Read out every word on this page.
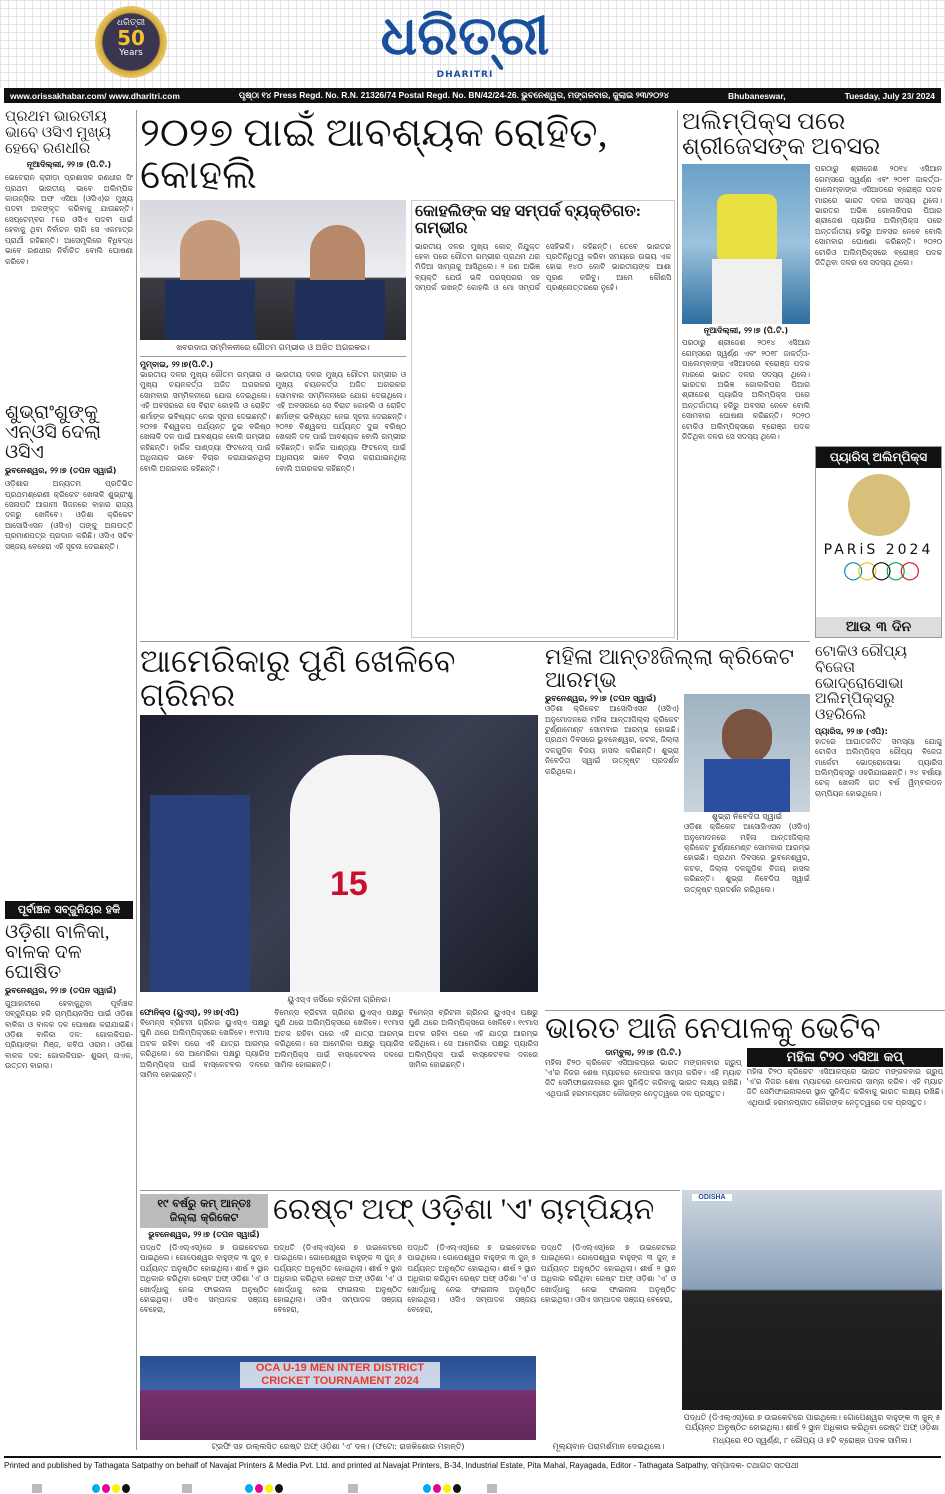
ଧରିତ୍ରୀ
50
Years	ଧରିତ୍ରୀ
DHARITRI
www.orissakhabar.com/ www.dharitri.com	ପୃଷ୍ଠା ୧୪ Press Regd. No. R.N. 21326/74 Postal Regd. No. BN/42/24-26. ଭୁବନେଶ୍ୱର, ମଙ୍ଗଳବାର, ଜୁଲାଇ ୨୩/୨୦୨୪	Bhubaneswar,	Tuesday, July 23/ 2024
ପ୍ରଥମ ଭାରତୀୟ ଭାବେ ଓସିଏ ମୁଖ୍ୟ ହେବେ ରଣଧୀର
ନୂଆଦିଲ୍ଲୀ, ୨୨।୭ (ପି.ଟି.)
ଭେଟେରାନ କ୍ରୀଡ଼ା ପ୍ରଶାସକ ରଣଧୀର ସିଂ ପ୍ରଥମ ଭାରତୀୟ ଭାବେ ଅଲିମ୍ପିକ କାଉନ୍ସିଲ ଅଫ ଏସିଆ (ଓସିଏ)ର ମୁଖ୍ୟ ପଦବୀ ଅଳଙ୍କୃତ କରିବାକୁ ଯାଉଛନ୍ତି। ସେପ୍ଟେମ୍ବର ୮ରେ ଓସିଏ ପଦବୀ ପାଇଁ ହେବାକୁ ଥିବା ନିର୍ବାଚନ ଲାଗି ସେ ଏକମାତ୍ର ପ୍ରାର୍ଥୀ ରହିଛନ୍ତି। ଆସେମ୍ବ୍ଲିରେ ବିଧିବଦ୍ଧ ଭାବେ ରଣଧୀର ନିର୍ବାଚିତ ବୋଲି ଘୋଷଣା କରିବେ।
ଶୁଭ୍ରାଂଶୁଙ୍କୁ ଏନ୍‌ଓସି ଦେଲା ଓସିଏ
ଭୁବନେଶ୍ୱର, ୨୨।୭ (ତପନ ସ୍ୱାଇଁ)
ଓଡ଼ିଶାର ଅନ୍ୟତମ ପ୍ରତିଭିତ ପ୍ରଥମଶ୍ରେଣୀ କ୍ରିକେଟ ଖେଳାଳି ଶୁଭ୍ରାଂଶୁ ସେନାପତି ଆଗାମୀ ସିଜନରେ ବାହାର ରାଜ୍ୟ ଦଳରୁ ଖେଳିବେ। ଓଡ଼ିଶା କ୍ରିକେଟ ଆସୋସିଏସନ (ଓସିଏ) ତାଙ୍କୁ ଅନାପତ୍ତି ପ୍ରମାଣପତ୍ର ପ୍ରଦାନ କରିଛି। ଓସିଏ ସଚିବ ସଞ୍ଜୟ ବେହେରା ଏହି ସୂଚନା ଦେଇଛନ୍ତି।
ପୂର୍ବାଞ୍ଚଳ ସବ୍‌ଜୁନିୟର ହକି
ଓଡ଼ିଶା ବାଳିକା, ବାଳକ ଦଳ ଘୋଷିତ
ଭୁବନେଶ୍ୱର, ୨୨।୭ (ତପନ ସ୍ୱାଇଁ)
ଗୁଆହାଟୀରେ ହେବାକୁଥିବା ପୂର୍ବାଞ୍ଚଳ ସବ୍‌ଜୁନିୟର ହକି ଚାମ୍ପିୟନସିପ ପାଇଁ ଓଡ଼ିଶା ବାଳିକା ଓ ବାଳକ ଦଳ ଘୋଷଣା କରାଯାଇଛି। ଓଡ଼ିଶା ବାଳିକା ଦଳ: ଗୋଲକିପର- ପ୍ରିୟାଙ୍କା ମିଞ୍ଜ, କବିତା ଓରାମ। ଓଡ଼ିଶା ବାଳକ ଦଳ: ଗୋଲକିପର- ଶୁଭମ୍ ନାଏକ, ଉତ୍ତମ ବାରଲା।
୨୦୨୭ ପାଇଁ ଆବଶ୍ୟକ ରୋହିତ, କୋହଲି
ଖବରଦାତା ସମ୍ମିଳନୀରେ ଗୌତମ ଗମ୍ଭୀର ଓ ଅଜିତ ଅଗରକର।
ମୁମ୍ବାଇ, ୨୨।୭(ପି.ଟି.)
ଭାରତୀୟ ଦଳର ମୁଖ୍ୟ ଗୌତମ ଗମ୍ଭୀର ଓ ମୁଖ୍ୟ ଚୟନକର୍ତ୍ତା ଅଜିତ ଅଗରକର ସୋମବାର ସମ୍ମିଳନୀରେ ଯୋଗ ଦେଇଥିଲେ। ଏହି ଅବସରରେ ସେ ବିରାଟ କୋହଲି ଓ ରୋହିତ ଶର୍ମାଙ୍କ ଭବିଷ୍ୟତ ନେଇ ସୂଚନା ଦେଇଛନ୍ତି। ୨୦୨୭ ବିଶ୍ୱକପ ପର୍ଯ୍ୟନ୍ତ ଦୁଇ ବରିଷ୍ଠ ଖେଳାଳି ଦଳ ପାଇଁ ଆବଶ୍ୟକ ବୋଲି ଗମ୍ଭୀର କହିଛନ୍ତି। ହାର୍ଦ୍ଦିକ ପାଣ୍ଡ୍ୟା ଫିଟନେସ୍ ପାଇଁ ଅଧିନାୟକ ଭାବେ ବିଚାର କରାଯାଇନଥିଲା ବୋଲି ଅଗରକର କହିଛନ୍ତି।
ଭାରତୀୟ ଦଳର ମୁଖ୍ୟ ଗୌତମ ଗମ୍ଭୀର ଓ ମୁଖ୍ୟ ଚୟନକର୍ତ୍ତା ଅଜିତ ଅଗରକର ସୋମବାର ସମ୍ମିଳନୀରେ ଯୋଗ ଦେଇଥିଲେ। ଏହି ଅବସରରେ ସେ ବିରାଟ କୋହଲି ଓ ରୋହିତ ଶର୍ମାଙ୍କ ଭବିଷ୍ୟତ ନେଇ ସୂଚନା ଦେଇଛନ୍ତି। ୨୦୨୭ ବିଶ୍ୱକପ ପର୍ଯ୍ୟନ୍ତ ଦୁଇ ବରିଷ୍ଠ ଖେଳାଳି ଦଳ ପାଇଁ ଆବଶ୍ୟକ ବୋଲି ଗମ୍ଭୀର କହିଛନ୍ତି। ହାର୍ଦ୍ଦିକ ପାଣ୍ଡ୍ୟା ଫିଟନେସ୍ ପାଇଁ ଅଧିନାୟକ ଭାବେ ବିଚାର କରାଯାଇନଥିଲା ବୋଲି ଅଗରକର କହିଛନ୍ତି।
କୋହଲିଙ୍କ ସହ ସମ୍ପର୍କ ବ୍ୟକ୍ତିଗତ: ଗମ୍ଭୀର
ଭାରତୀୟ ଦଳର ମୁଖ୍ୟ କୋଚ୍ ନିଯୁକ୍ତ ହେବା ପରେ ଗୌତମ ଗମ୍ଭୀର ପ୍ରଥମ ଥର ମିଡିଆ ସାମ୍ନାକୁ ଆସିଥିଲେ। ୨ ଜଣ ଅଭିଜ୍ଞ ବ୍ୟକ୍ତି ଯେଉଁ ଭଳି ପରସ୍ପରର ସହ ସମ୍ପର୍କ ରଖନ୍ତି କୋହଲି ଓ ମୋ ସମ୍ପର୍କ ସେହିଭଳି। କହିଛନ୍ତି। ତେବେ ଭାରତର ପ୍ରତିନିଧିତ୍ୱ କରିବା ସମୟରେ ଉଭୟ ଏକ ହୋଇ ୧୪୦ କୋଟି ଭାରତୀୟଙ୍କ ଆଶା ପୂରଣ କରିବୁ। ଆମେ କୌଣସି ପ୍ରଶ୍ନୋତ୍ତରରେ ନୁହେଁ।
ଅଲିମ୍ପିକ୍ସ ପରେ ଶ୍ରୀଜେସଙ୍କ ଅବସର
ନୂଆଦିଲ୍ଲୀ, ୨୨।୭ (ପି.ଟି.)
ପରଠାରୁ ଶ୍ରୀଜେଶ ୨୦୧୪ ଏସିଆନ ଗେମ୍ସରେ ସ୍ୱର୍ଣ୍ଣ ଏବଂ ୨୦୧୮ ଜାକର୍ତ୍ତା-ପାଲେମ୍ବାଙ୍ଗ ଏସିଆଡରେ ବ୍ରୋଞ୍ଜ ପଦକ ମାରରେ ଭାରତ ଦଳର ସଦସ୍ୟ ଥିଲେ। ଭାରତର ଅଭିଜ୍ଞ ଗୋଲକିପର ପିଆର ଶ୍ରୀଜେଶ ପ୍ୟାରିସ ଅଲିମ୍ପିକ୍ସ ପରେ ଅନ୍ତର୍ଜାତୀୟ ହକିରୁ ଅବସର ନେବେ ବୋଲି ସୋମବାର ଘୋଷଣା କରିଛନ୍ତି। ୨୦୨୦ ଟୋକିଓ ଅଲିମ୍ପିକ୍ସରେ ବ୍ରୋଞ୍ଜ ପଦକ ଜିତିଥିବା ଦଳର ସେ ସଦସ୍ୟ ଥିଲେ।
ପରଠାରୁ ଶ୍ରୀଜେଶ ୨୦୧୪ ଏସିଆନ ଗେମ୍ସରେ ସ୍ୱର୍ଣ୍ଣ ଏବଂ ୨୦୧୮ ଜାକର୍ତ୍ତା-ପାଲେମ୍ବାଙ୍ଗ ଏସିଆଡରେ ବ୍ରୋଞ୍ଜ ପଦକ ମାରରେ ଭାରତ ଦଳର ସଦସ୍ୟ ଥିଲେ। ଭାରତର ଅଭିଜ୍ଞ ଗୋଲକିପର ପିଆର ଶ୍ରୀଜେଶ ପ୍ୟାରିସ ଅଲିମ୍ପିକ୍ସ ପରେ ଅନ୍ତର୍ଜାତୀୟ ହକିରୁ ଅବସର ନେବେ ବୋଲି ସୋମବାର ଘୋଷଣା କରିଛନ୍ତି। ୨୦୨୦ ଟୋକିଓ ଅଲିମ୍ପିକ୍ସରେ ବ୍ରୋଞ୍ଜ ପଦକ ଜିତିଥିବା ଦଳର ସେ ସଦସ୍ୟ ଥିଲେ।
ପ୍ୟାରିସ୍ ଅଲିମ୍ପିକ୍ସ
PARiS 2024
◯◯◯◯◯
ଆଉ ୩ ଦିନ
ଟୋକିଓ ରୌପ୍ୟ ବିଜେତା ଭୋଦ୍ରୋସୋଭା ଅଲିମ୍ପିକ୍ସରୁ ଓହରିଲେ
ପ୍ୟାରିସ, ୨୨।୭ (ଏପି):
ହାତରେ ଆଘାତଜନିତ ସମସ୍ୟା ଯୋଗୁ ଟୋକିଓ ଅଲିମ୍ପିକ୍ସ ରୌପ୍ୟ ବିଜେତା ମାର୍କେଟା ଭୋଦ୍ରୋସୋଭା ପ୍ୟାରିସ ଅଲିମ୍ପିକ୍ସରୁ ଓହରିଯାଇଛନ୍ତି। ୨୪ ବର୍ଷୀୟା ଚେକ୍ ଖେଳାଳି ଗତ ବର୍ଷ ୱିମ୍ବଲଡନ ଚାମ୍ପିୟନ ହୋଇଥିଲେ।
ଆମେରିକାରୁ ପୁଣି ଖେଳିବେ ଗ୍ରିନର
15
ୟୁଏସ୍‌ଏ ଜର୍ସିରେ ବ୍ରିଟନୀ ଗ୍ରିନର।
ଫୋନିକ୍ସ (ୟୁଏସ୍), ୨୨।୭(ଏପି)
ବିମେନ୍ସ ବ୍ରିଟନୀ ଗ୍ରିନର ୟୁଏସ୍‌ଏ ପକ୍ଷରୁ ପୁଣି ଥରେ ଅଲିମ୍ପିକ୍ସରେ ଖେଳିବେ। ୧୯ମାସ ଅଟକ ରହିବା ପରେ ଏହି ଯାତ୍ରା ଆରମ୍ଭ କରିଥିଲେ। ସେ ଆମେରିକା ପକ୍ଷରୁ ପ୍ୟାରିସ ଅଲିମ୍ପିକ୍ସ ପାଇଁ ବାସ୍କେଟବଲ ଦଳରେ ସାମିଲ ହୋଇଛନ୍ତି।
ବିମେନ୍ସ ବ୍ରିଟନୀ ଗ୍ରିନର ୟୁଏସ୍‌ଏ ପକ୍ଷରୁ ପୁଣି ଥରେ ଅଲିମ୍ପିକ୍ସରେ ଖେଳିବେ। ୧୯ମାସ ଅଟକ ରହିବା ପରେ ଏହି ଯାତ୍ରା ଆରମ୍ଭ କରିଥିଲେ। ସେ ଆମେରିକା ପକ୍ଷରୁ ପ୍ୟାରିସ ଅଲିମ୍ପିକ୍ସ ପାଇଁ ବାସ୍କେଟବଲ ଦଳରେ ସାମିଲ ହୋଇଛନ୍ତି।
ବିମେନ୍ସ ବ୍ରିଟନୀ ଗ୍ରିନର ୟୁଏସ୍‌ଏ ପକ୍ଷରୁ ପୁଣି ଥରେ ଅଲିମ୍ପିକ୍ସରେ ଖେଳିବେ। ୧୯ମାସ ଅଟକ ରହିବା ପରେ ଏହି ଯାତ୍ରା ଆରମ୍ଭ କରିଥିଲେ। ସେ ଆମେରିକା ପକ୍ଷରୁ ପ୍ୟାରିସ ଅଲିମ୍ପିକ୍ସ ପାଇଁ ବାସ୍କେଟବଲ ଦଳରେ ସାମିଲ ହୋଇଛନ୍ତି।
ମହିଳା ଆନ୍ତଃଜିଲ୍ଲା କ୍ରିକେଟ ଆରମ୍ଭ
ଭୁବନେଶ୍ୱର, ୨୨।୭ (ତପନ ସ୍ୱାଇଁ)
ଓଡ଼ିଶା କ୍ରିକେଟ ଆସୋସିଏସନ (ଓସିଏ) ଅନୁମୋଦନରେ ମହିଳା ଆନ୍ତଃଜିଲ୍ଲା କ୍ରିକେଟ ଟୁର୍ଣ୍ଣାମେଣ୍ଟ ସୋମବାର ଆରମ୍ଭ ହୋଇଛି। ପ୍ରଥମ ଦିବସରେ ଭୁବନେଶ୍ୱର, କଟକ, ଜିଲ୍ଲା ଦଳଗୁଡ଼ିକ ବିଜୟ ହାସଲ କରିଛନ୍ତି। ଶୁଭ୍ରା ନିବେଦିତା ସ୍ୱାଇଁ ଉତ୍କୃଷ୍ଟ ପ୍ରଦର୍ଶନ କରିଥିଲେ।
ଶୁଭ୍ରା ନିବେଦିତା ସ୍ୱାଇଁ
ଓଡ଼ିଶା କ୍ରିକେଟ ଆସୋସିଏସନ (ଓସିଏ) ଅନୁମୋଦନରେ ମହିଳା ଆନ୍ତଃଜିଲ୍ଲା କ୍ରିକେଟ ଟୁର୍ଣ୍ଣାମେଣ୍ଟ ସୋମବାର ଆରମ୍ଭ ହୋଇଛି। ପ୍ରଥମ ଦିବସରେ ଭୁବନେଶ୍ୱର, କଟକ, ଜିଲ୍ଲା ଦଳଗୁଡ଼ିକ ବିଜୟ ହାସଲ କରିଛନ୍ତି। ଶୁଭ୍ରା ନିବେଦିତା ସ୍ୱାଇଁ ଉତ୍କୃଷ୍ଟ ପ୍ରଦର୍ଶନ କରିଥିଲେ।
ଭାରତ ଆଜି ନେପାଳକୁ ଭେଟିବ
ଡାମ୍ବୁଲା, ୨୨।୭ (ପି.ଟି.)
ମହିଳା ଟି୨୦ କ୍ରିକେଟ ଏସିଆକପ୍‌ରେ ଭାରତ ମଙ୍ଗଳବାର ଗ୍ରୁପ୍ 'ଏ'ର ନିଜର ଶେଷ ମ୍ୟାଚରେ ନେପାଳର ସାମ୍ନା କରିବ। ଏହି ମ୍ୟାଚ ଜିତି ସେମିଫାଇନାଲରେ ସ୍ଥାନ ସୁନିଶ୍ଚିତ କରିବାକୁ ଭାରତ ଲକ୍ଷ୍ୟ ରଖିଛି। ଏଥିପାଇଁ ହରମନପ୍ରୀତ କୌରଙ୍କ ନେତୃତ୍ୱରେ ଦଳ ପ୍ରସ୍ତୁତ।
ମହିଳା ଟି୨୦ ଏସିଆ କପ୍
ମହିଳା ଟି୨୦ କ୍ରିକେଟ ଏସିଆକପ୍‌ରେ ଭାରତ ମଙ୍ଗଳବାର ଗ୍ରୁପ୍ 'ଏ'ର ନିଜର ଶେଷ ମ୍ୟାଚରେ ନେପାଳର ସାମ୍ନା କରିବ। ଏହି ମ୍ୟାଚ ଜିତି ସେମିଫାଇନାଲରେ ସ୍ଥାନ ସୁନିଶ୍ଚିତ କରିବାକୁ ଭାରତ ଲକ୍ଷ୍ୟ ରଖିଛି। ଏଥିପାଇଁ ହରମନପ୍ରୀତ କୌରଙ୍କ ନେତୃତ୍ୱରେ ଦଳ ପ୍ରସ୍ତୁତ।
୧୯ ବର୍ଷରୁ କମ୍ ଆନ୍ତଃ ଜିଲ୍ଲା କ୍ରିକେଟ
ଭୁବନେଶ୍ୱର, ୨୨।୭ (ତପନ ସ୍ୱାଇଁ)
ରେଷ୍ଟ ଅଫ୍ ଓଡ଼ିଶା 'ଏ' ଚାମ୍ପିୟନ
ପଦ୍ଧତି (ଡିଏଲ୍‌ଏସ୍)ରେ ୭ ଉଇକେଟରେ ପାଇଥିଲେ। ଗୋପେଶ୍ୱର ବାହୁଙ୍କ ୩ ଜୁନ୍ ୫ ପର୍ଯ୍ୟନ୍ତ ଅନୁଷ୍ଠିତ ହୋଇଥିଲା। ଶୀର୍ଷ ୨ ସ୍ଥାନ ଅଧିକାର କରିଥିବା ରେଷ୍ଟ ଅଫ୍ ଓଡ଼ିଶା 'ଏ' ଓ ଖୋର୍ଦ୍ଧାକୁ ନେଇ ଫାଇନାଲ ଅନୁଷ୍ଠିତ ହୋଇଥିଲା। ଓସିଏ ସମ୍ପାଦକ ସଞ୍ଜୟ ବେହେରା,
ପଦ୍ଧତି (ଡିଏଲ୍‌ଏସ୍)ରେ ୭ ଉଇକେଟରେ ପାଇଥିଲେ। ଗୋପେଶ୍ୱର ବାହୁଙ୍କ ୩ ଜୁନ୍ ୫ ପର୍ଯ୍ୟନ୍ତ ଅନୁଷ୍ଠିତ ହୋଇଥିଲା। ଶୀର୍ଷ ୨ ସ୍ଥାନ ଅଧିକାର କରିଥିବା ରେଷ୍ଟ ଅଫ୍ ଓଡ଼ିଶା 'ଏ' ଓ ଖୋର୍ଦ୍ଧାକୁ ନେଇ ଫାଇନାଲ ଅନୁଷ୍ଠିତ ହୋଇଥିଲା। ଓସିଏ ସମ୍ପାଦକ ସଞ୍ଜୟ ବେହେରା,
ପଦ୍ଧତି (ଡିଏଲ୍‌ଏସ୍)ରେ ୭ ଉଇକେଟରେ ପାଇଥିଲେ। ଗୋପେଶ୍ୱର ବାହୁଙ୍କ ୩ ଜୁନ୍ ୫ ପର୍ଯ୍ୟନ୍ତ ଅନୁଷ୍ଠିତ ହୋଇଥିଲା। ଶୀର୍ଷ ୨ ସ୍ଥାନ ଅଧିକାର କରିଥିବା ରେଷ୍ଟ ଅଫ୍ ଓଡ଼ିଶା 'ଏ' ଓ ଖୋର୍ଦ୍ଧାକୁ ନେଇ ଫାଇନାଲ ଅନୁଷ୍ଠିତ ହୋଇଥିଲା। ଓସିଏ ସମ୍ପାଦକ ସଞ୍ଜୟ ବେହେରା,
OCA U-19 MEN INTER DISTRICT CRICKET TOURNAMENT 2024
ଟ୍ରଫି ସହ ଉଲ୍ଲସିତ ରେଷ୍ଟ ଅଫ୍ ଓଡ଼ିଶା 'ଏ' ଦଳ। (ଫଟୋ: ରାଜକିଶୋର ମହାନ୍ତି)
ପଦ୍ଧତି (ଡିଏଲ୍‌ଏସ୍)ରେ ୭ ଉଇକେଟରେ ପାଇଥିଲେ। ଗୋପେଶ୍ୱର ବାହୁଙ୍କ ୩ ଜୁନ୍ ୫ ପର୍ଯ୍ୟନ୍ତ ଅନୁଷ୍ଠିତ ହୋଇଥିଲା। ଶୀର୍ଷ ୨ ସ୍ଥାନ ଅଧିକାର କରିଥିବା ରେଷ୍ଟ ଅଫ୍ ଓଡ଼ିଶା 'ଏ' ଓ ଖୋର୍ଦ୍ଧାକୁ ନେଇ ଫାଇନାଲ ଅନୁଷ୍ଠିତ ହୋଇଥିଲା। ଓସିଏ ସମ୍ପାଦକ ସଞ୍ଜୟ ବେହେରା,
ମୂଲ୍ୟବାନ ପରାମର୍ଶମାନ ଦେଇଥିଲେ।
ODISHA
ପଦ୍ଧତି (ଡିଏଲ୍‌ଏସ୍)ରେ ୭ ଉଇକେଟରେ ପାଇଥିଲେ। ଗୋପେଶ୍ୱର ବାହୁଙ୍କ ୩ ଜୁନ୍ ୫ ପର୍ଯ୍ୟନ୍ତ ଅନୁଷ୍ଠିତ ହୋଇଥିଲା। ଶୀର୍ଷ ୨ ସ୍ଥାନ ଅଧିକାର କରିଥିବା ରେଷ୍ଟ ଅଫ୍ ଓଡ଼ିଶା
ମଧ୍ୟରେ ୧୦ ସ୍ୱର୍ଣ୍ଣ, ୮ ରୌପ୍ୟ ଓ ୫ଟି ବ୍ରୋଞ୍ଜ ପଦକ ସାମିଲ।
Printed and published by Tathagata Satpathy on behalf of Navajat Printers & Media Pvt. Ltd. and printed at Navajat Printers, B-34, Industrial Estate, Pita Mahal, Rayagada, Editor - Tathagata Satpathy, ସମ୍ପାଦକ- ତଥାଗତ ସତପଥୀ
